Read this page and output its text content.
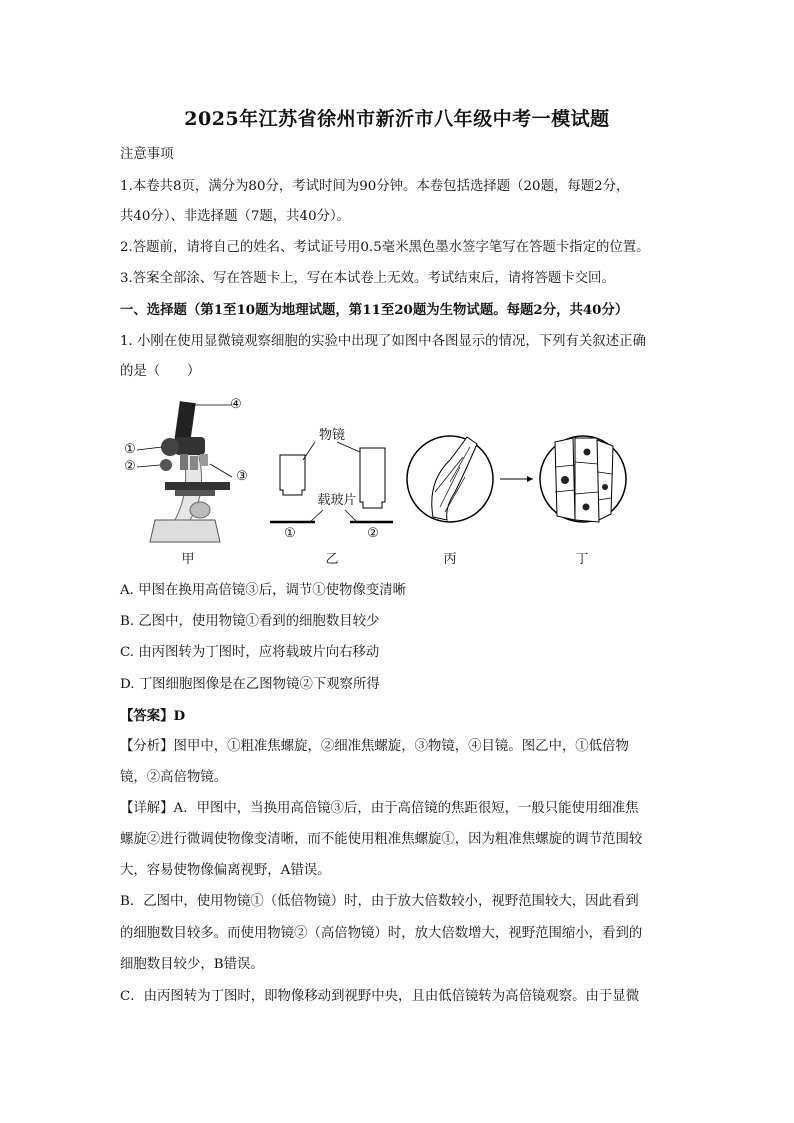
2025年江苏省徐州市新沂市八年级中考一模试题
注意事项
1.本卷共8页，满分为80分，考试时间为90分钟。本卷包括选择题（20题，每题2分，
共40分）、非选择题（7题，共40分）。
2.答题前，请将自己的姓名、考试证号用0.5毫米黑色墨水签字笔写在答题卡指定的位置。
3.答案全部涂、写在答题卡上，写在本试卷上无效。考试结束后，请将答题卡交回。
一、选择题（第1至10题为地理试题，第11至20题为生物试题。每题2分，共40分）
1. 小刚在使用显微镜观察细胞的实验中出现了如图中各图显示的情况，下列有关叙述正确
的是（　　）
④
①
②
③
甲
物镜
载玻片
①	②
乙	丙	丁
A. 甲图在换用高倍镜③后，调节①使物像变清晰
B. 乙图中，使用物镜①看到的细胞数目较少
C. 由丙图转为丁图时，应将载玻片向右移动
D. 丁图细胞图像是在乙图物镜②下观察所得
【答案】D
【分析】图甲中，①粗准焦螺旋，②细准焦螺旋，③物镜，④目镜。图乙中，①低倍物
镜，②高倍物镜。
【详解】A．甲图中，当换用高倍镜③后，由于高倍镜的焦距很短，一般只能使用细准焦
螺旋②进行微调使物像变清晰，而不能使用粗准焦螺旋①，因为粗准焦螺旋的调节范围较
大，容易使物像偏离视野，A错误。
B．乙图中，使用物镜①（低倍物镜）时，由于放大倍数较小，视野范围较大，因此看到
的细胞数目较多。而使用物镜②（高倍物镜）时，放大倍数增大，视野范围缩小，看到的
细胞数目较少，B错误。
C．由丙图转为丁图时，即物像移动到视野中央，且由低倍镜转为高倍镜观察。由于显微
